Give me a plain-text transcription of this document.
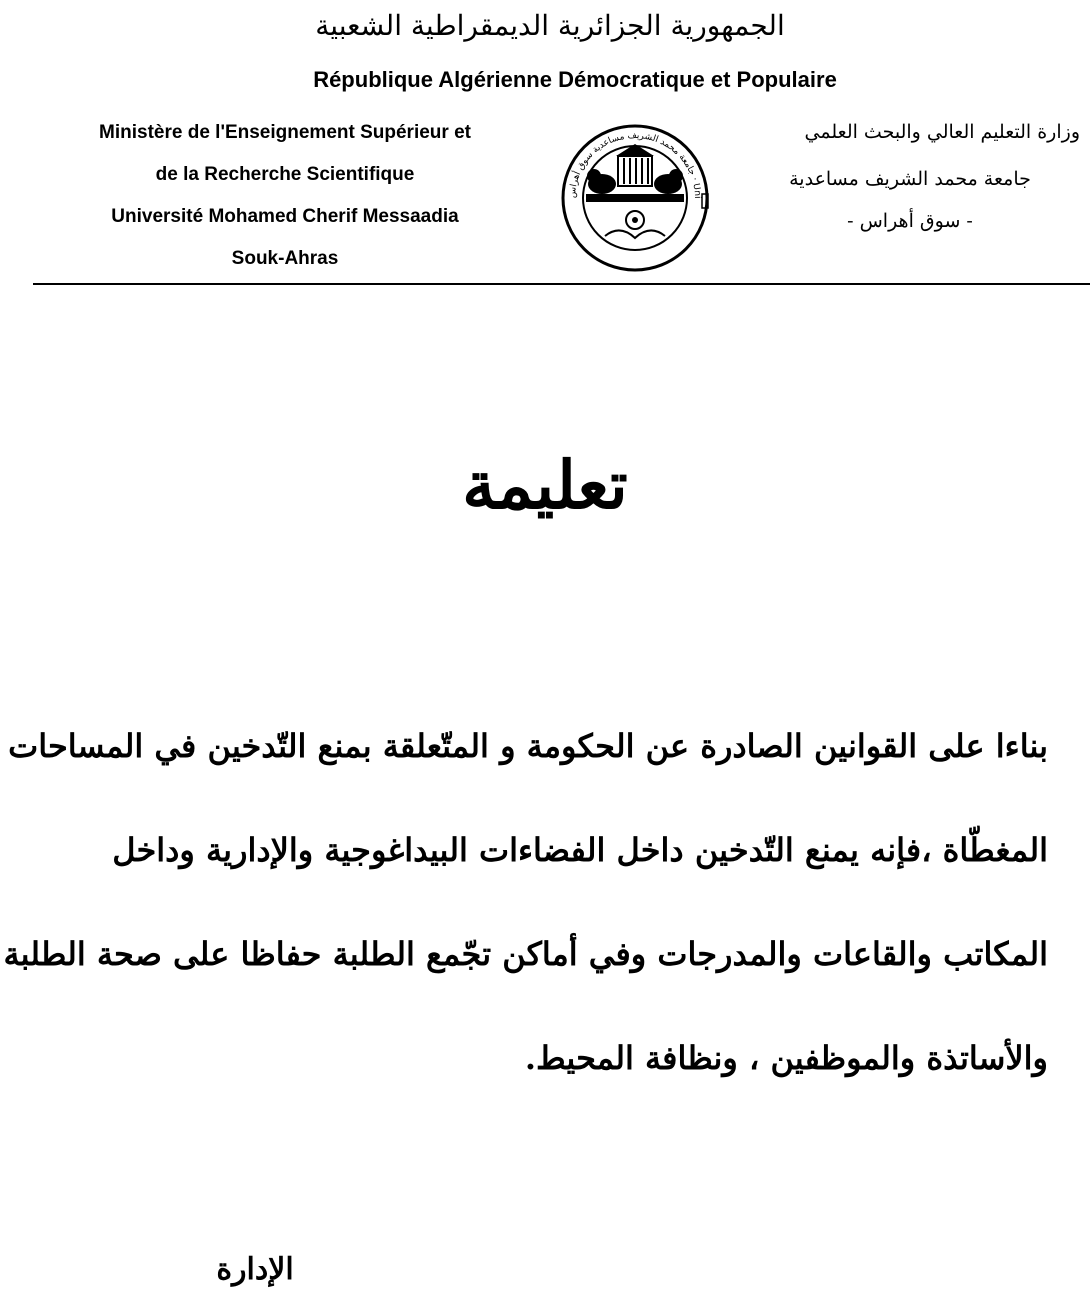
الجمهورية الجزائرية الديمقراطية الشعبية
République Algérienne Démocratique et Populaire
Ministère de l'Enseignement Supérieur et
de la Recherche Scientifique
Université Mohamed Cherif Messaadia
Souk-Ahras
جامعة محمد الشريف مساعدية سوق أهراس · Uni
وزارة التعليم العالي والبحث العلمي
جامعة محمد الشريف مساعدية
- سوق أهراس -
تعليمة
بناءا على القوانين الصادرة عن الحكومة و المتّعلقة بمنع التّدخين في المساحات
المغطّاة ،فإنه يمنع التّدخين داخل الفضاءات البيداغوجية والإدارية وداخل
المكاتب والقاعات والمدرجات وفي أماكن تجّمع الطلبة حفاظا على صحة الطلبة
والأساتذة والموظفين ، ونظافة المحيط.
الإدارة
